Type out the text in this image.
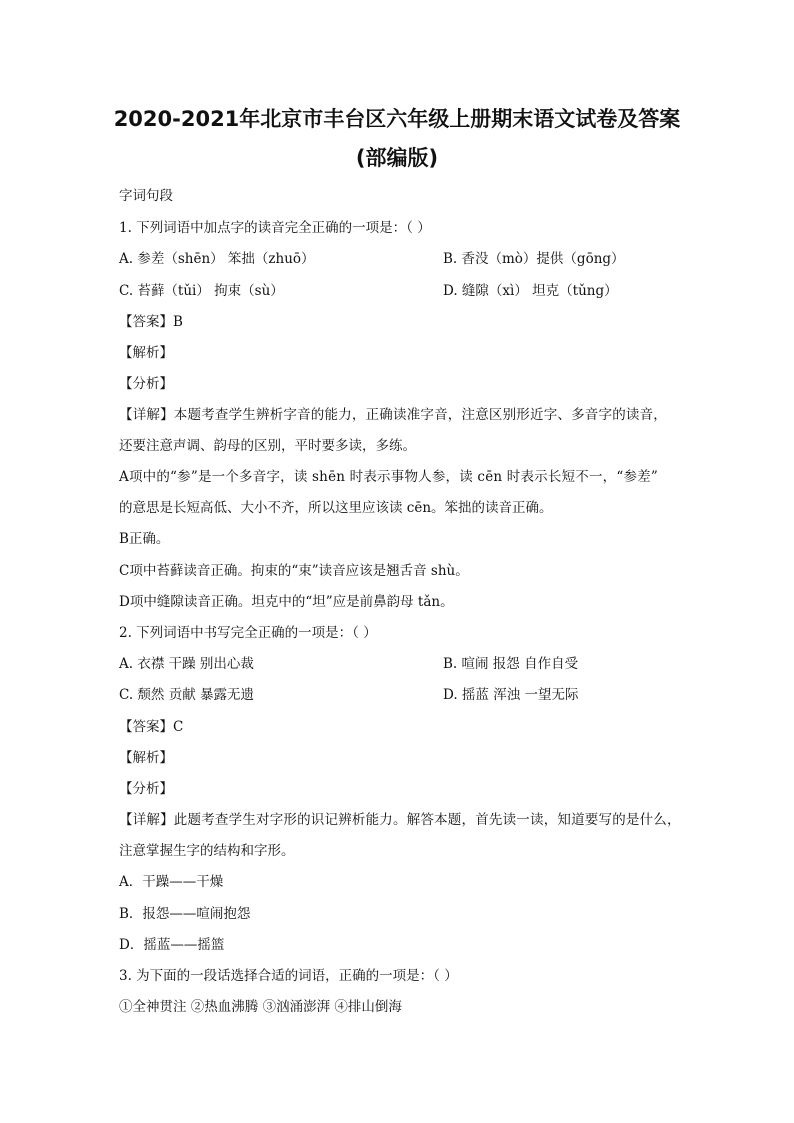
2020-2021年北京市丰台区六年级上册期末语文试卷及答案
(部编版)
字词句段
1. 下列词语中加点字的读音完全正确的一项是：（ ）
A. 参差（shēn） 笨拙（zhuō）	B. 香没（mò）提供（gōng）
C. 苔藓（tǔi） 拘束（sù）	D. 缝隙（xì） 坦克（tǔng）
【答案】B
【解析】
【分析】
【详解】本题考查学生辨析字音的能力，正确读准字音，注意区别形近字、多音字的读音，
还要注意声调、韵母的区别，平时要多读，多练。
A项中的“参”是一个多音字，读 shēn 时表示事物人参，读 cēn 时表示长短不一，“参差”
的意思是长短高低、大小不齐，所以这里应该读 cēn。笨拙的读音正确。
B正确。
C项中苔藓读音正确。拘束的“束”读音应该是翘舌音 shù。
D项中缝隙读音正确。坦克中的“坦”应是前鼻韵母 tǎn。
2. 下列词语中书写完全正确的一项是：（ ）
A. 衣襟 干躁 别出心裁	B. 喧闹 报怨 自作自受
C. 颓然 贡献 暴露无遗	D. 摇蓝 浑浊 一望无际
【答案】C
【解析】
【分析】
【详解】此题考查学生对字形的识记辨析能力。解答本题，首先读一读，知道要写的是什么，
注意掌握生字的结构和字形。
A．干躁——干燥
B．报怨——喧闹抱怨
D．摇蓝——摇篮
3. 为下面的一段话选择合适的词语，正确的一项是：（ ）
①全神贯注 ②热血沸腾 ③汹涌澎湃 ④排山倒海
